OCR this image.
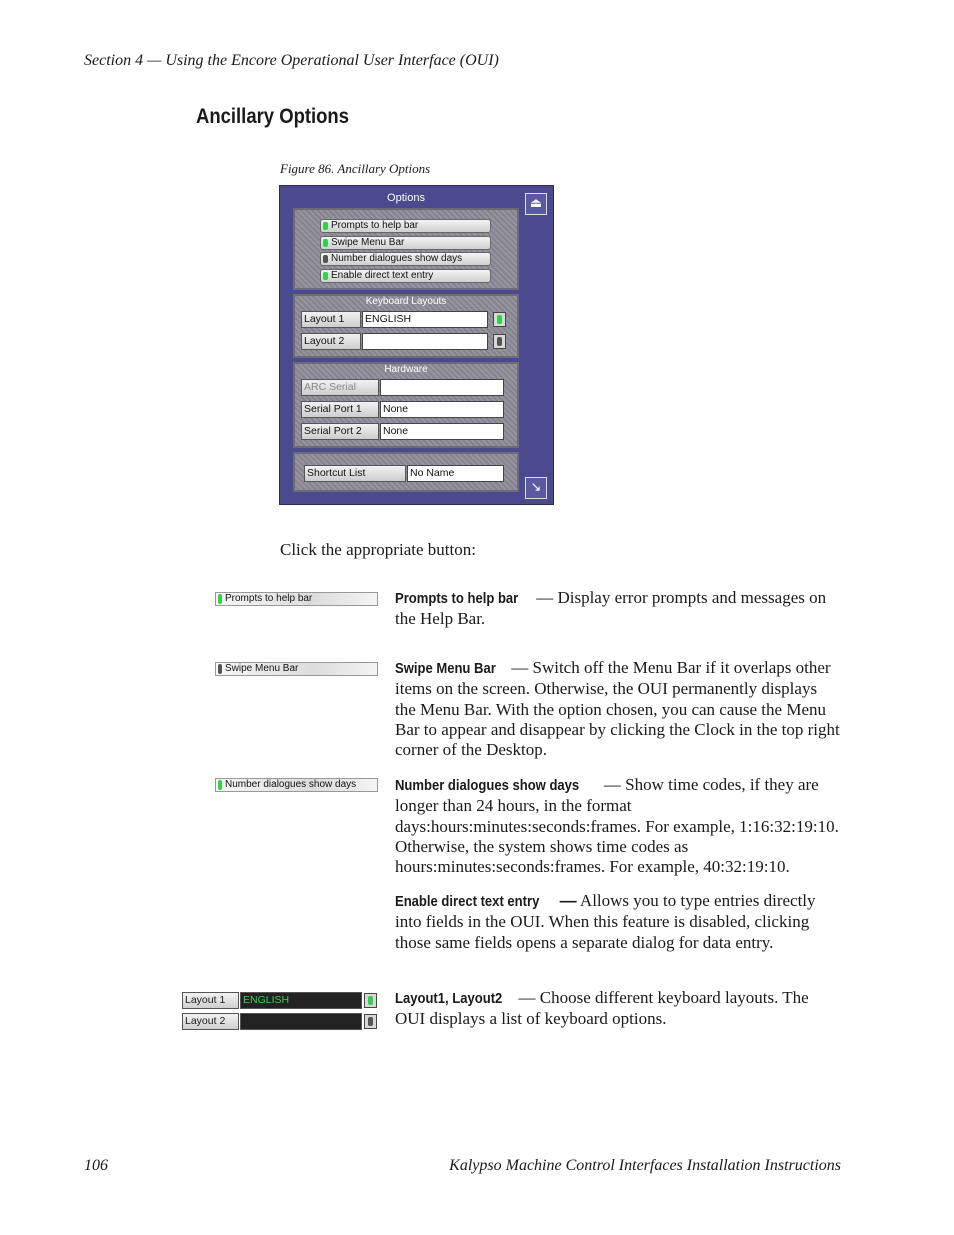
Section 4 — Using the Encore Operational User Interface (OUI)
Ancillary Options
Figure 86. Ancillary Options
Options	⏏
Prompts to help bar
Swipe Menu Bar
Number dialogues show days
Enable direct text entry
Keyboard Layouts
Layout 1	ENGLISH
Layout 2
Hardware
ARC Serial
Serial Port 1	None
Serial Port 2	None
Shortcut List	No Name
↘
Click the appropriate button:
Prompts to help bar
Swipe Menu Bar
Number dialogues show days
Layout 1	ENGLISH
Layout 2
Prompts to help bar — Display error prompts and messages on the Help Bar.
Swipe Menu Bar — Switch off the Menu Bar if it overlaps other items on the screen. Otherwise, the OUI permanently displays the Menu Bar. With the option chosen, you can cause the Menu Bar to appear and disappear by clicking the Clock in the top right corner of the Desktop.
Number dialogues show days — Show time codes, if they are longer than 24 hours, in the format days:hours:minutes:seconds:frames. For example, 1:16:32:19:10. Otherwise, the system shows time codes as hours:minutes:seconds:frames. For example, 40:32:19:10.
Enable direct text entry — Allows you to type entries directly into fields in the OUI. When this feature is disabled, clicking those same fields opens a separate dialog for data entry.
Layout1, Layout2 — Choose different keyboard layouts. The OUI displays a list of keyboard options.
106	Kalypso Machine Control Interfaces Installation Instructions
